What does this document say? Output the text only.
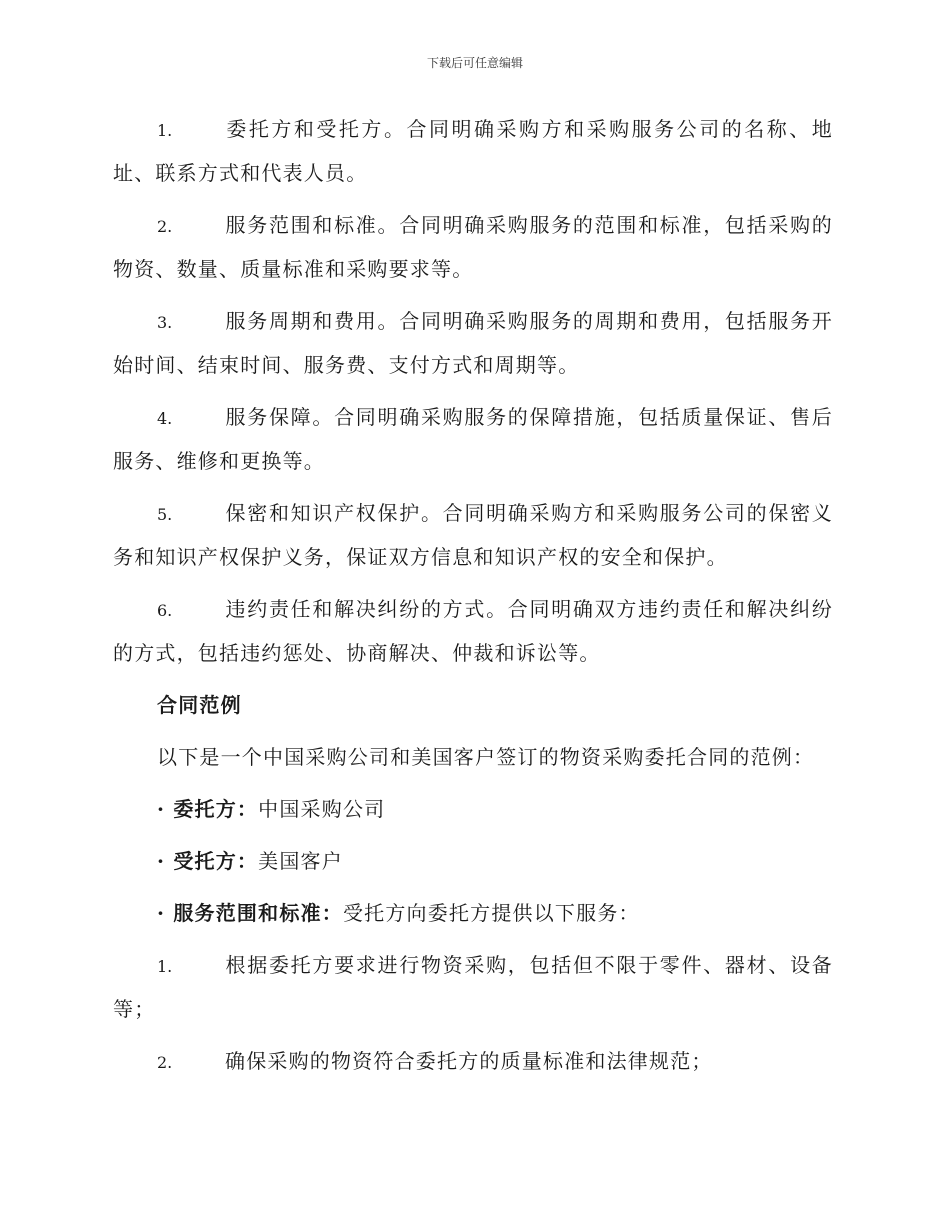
下载后可任意编辑

1.	委托方和受托方。合同明确采购方和采购服务公司的名称、地址、联系方式和代表人员。

2.	服务范围和标准。合同明确采购服务的范围和标准，包括采购的物资、数量、质量标准和采购要求等。

3.	服务周期和费用。合同明确采购服务的周期和费用，包括服务开始时间、结束时间、服务费、支付方式和周期等。

4.	服务保障。合同明确采购服务的保障措施，包括质量保证、售后服务、维修和更换等。

5.	保密和知识产权保护。合同明确采购方和采购服务公司的保密义务和知识产权保护义务，保证双方信息和知识产权的安全和保护。

6.	违约责任和解决纠纷的方式。合同明确双方违约责任和解决纠纷的方式，包括违约惩处、协商解决、仲裁和诉讼等。

合同范例
以下是一个中国采购公司和美国客户签订的物资采购委托合同的范例：
· 委托方：中国采购公司
· 受托方：美国客户
· 服务范围和标准：受托方向委托方提供以下服务：

1.	根据委托方要求进行物资采购，包括但不限于零件、器材、设备等；

2.	确保采购的物资符合委托方的质量标准和法律规范；
